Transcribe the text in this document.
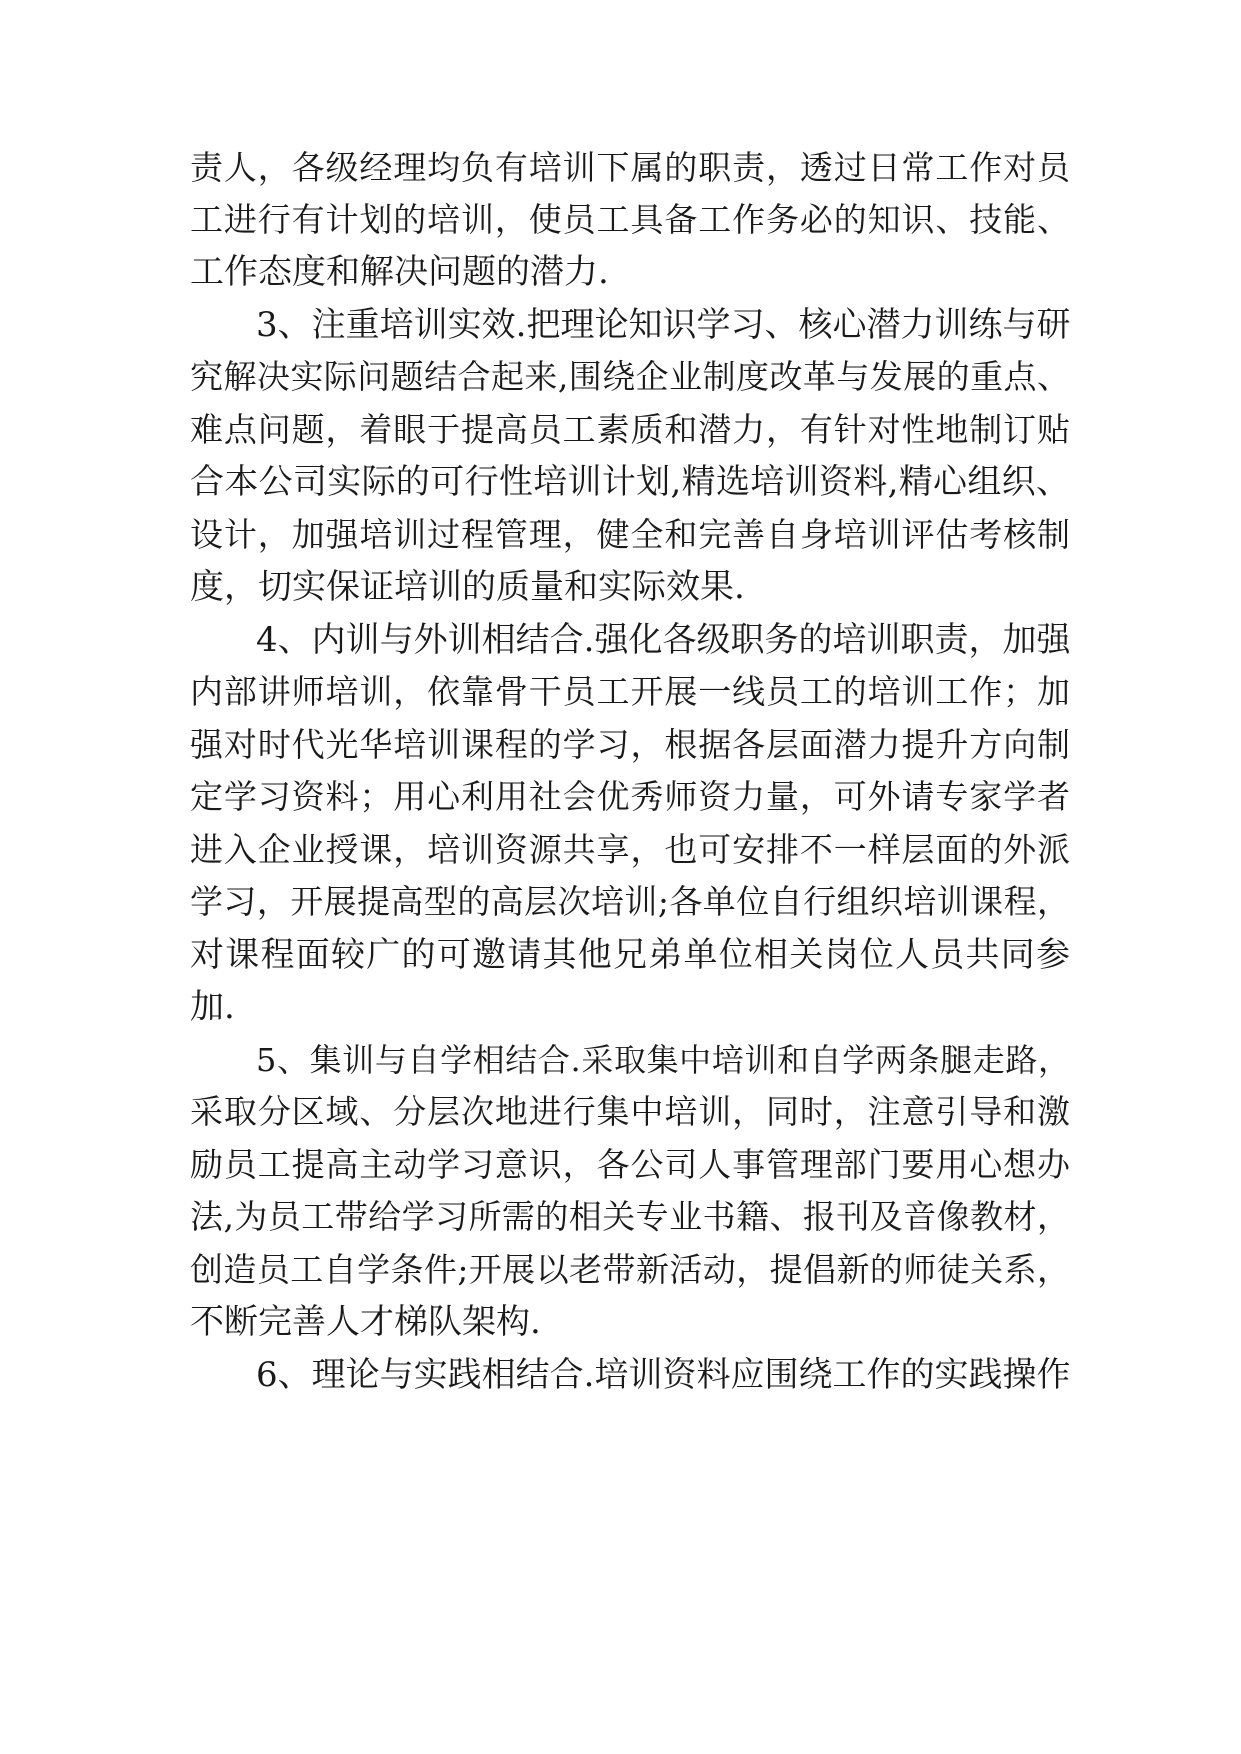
责人，各级经理均负有培训下属的职责，透过日常工作对员
工进行有计划的培训，使员工具备工作务必的知识、技能、
工作态度和解决问题的潜力.
3、注重培训实效.把理论知识学习、核心潜力训练与研
究解决实际问题结合起来,围绕企业制度改革与发展的重点、
难点问题，着眼于提高员工素质和潜力，有针对性地制订贴
合本公司实际的可行性培训计划,精选培训资料,精心组织、
设计，加强培训过程管理，健全和完善自身培训评估考核制
度，切实保证培训的质量和实际效果.
4、内训与外训相结合.强化各级职务的培训职责，加强
内部讲师培训，依靠骨干员工开展一线员工的培训工作；加
强对时代光华培训课程的学习，根据各层面潜力提升方向制
定学习资料；用心利用社会优秀师资力量，可外请专家学者
进入企业授课，培训资源共享，也可安排不一样层面的外派
学习，开展提高型的高层次培训;各单位自行组织培训课程，
对课程面较广的可邀请其他兄弟单位相关岗位人员共同参
加.
5、集训与自学相结合.采取集中培训和自学两条腿走路，
采取分区域、分层次地进行集中培训，同时，注意引导和激
励员工提高主动学习意识，各公司人事管理部门要用心想办
法,为员工带给学习所需的相关专业书籍、报刊及音像教材，
创造员工自学条件;开展以老带新活动，提倡新的师徒关系，
不断完善人才梯队架构.
6、理论与实践相结合.培训资料应围绕工作的实践操作
